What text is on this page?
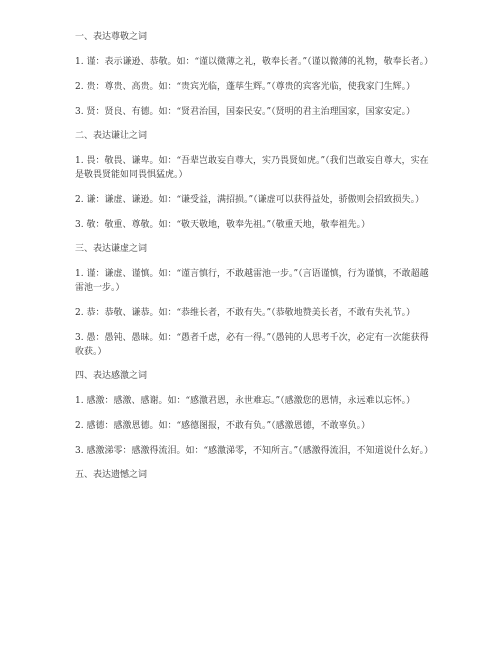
一、表达尊敬之词
1. 谨：表示谦逊、恭敬。如：“谨以微薄之礼，敬奉长者。”（谨以微薄的礼物，敬奉长者。）
2. 贵：尊贵、高贵。如：“贵宾光临，蓬荜生辉。”（尊贵的宾客光临，使我家门生辉。）
3. 贤：贤良、有德。如：“贤君治国，国泰民安。”（贤明的君主治理国家，国家安定。）
二、表达谦让之词
1. 畏：敬畏、谦卑。如：“吾辈岂敢妄自尊大，实乃畏贤如虎。”（我们岂敢妄自尊大，实在是敬畏贤能如同畏惧猛虎。）
2. 谦：谦虚、谦逊。如：“谦受益，满招损。”（谦虚可以获得益处，骄傲则会招致损失。）
3. 敬：敬重、尊敬。如：“敬天敬地，敬奉先祖。”（敬重天地，敬奉祖先。）
三、表达谦虚之词
1. 谨：谦虚、谨慎。如：“谨言慎行，不敢越雷池一步。”（言语谨慎，行为谨慎，不敢超越雷池一步。）
2. 恭：恭敬、谦恭。如：“恭维长者，不敢有失。”（恭敬地赞美长者，不敢有失礼节。）
3. 愚：愚钝、愚昧。如：“愚者千虑，必有一得。”（愚钝的人思考千次，必定有一次能获得收获。）
四、表达感激之词
1. 感激：感激、感谢。如：“感激君恩，永世难忘。”（感激您的恩情，永远难以忘怀。）
2. 感德：感激恩德。如：“感德图报，不敢有负。”（感激恩德，不敢辜负。）
3. 感激涕零：感激得流泪。如：“感激涕零，不知所言。”（感激得流泪，不知道说什么好。）
五、表达遗憾之词
